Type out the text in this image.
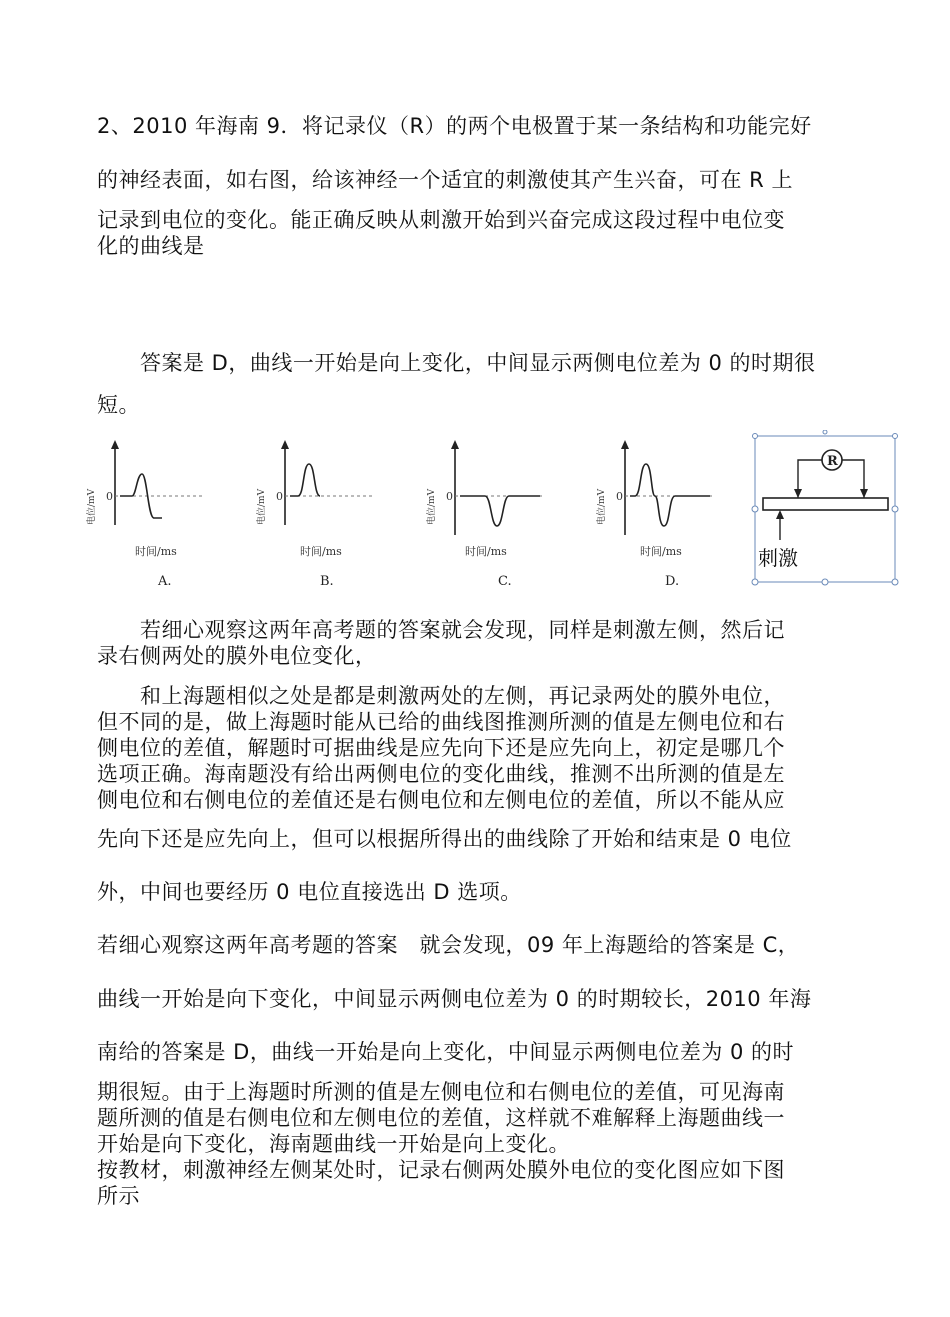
2、2010 年海南 9．将记录仪（R）的两个电极置于某一条结构和功能完好
的神经表面，如右图，给该神经一个适宜的刺激使其产生兴奋，可在 R 上
记录到电位的变化。能正确反映从刺激开始到兴奋完成这段过程中电位变
化的曲线是
　　答案是 D，曲线一开始是向上变化，中间显示两侧电位差为 0 的时期很
短。
0
电位/mV
时间/ms
A.
0
电位/mV
时间/ms
B.
0
电位/mV
时间/ms
C.
0
电位/mV
时间/ms
D.
R
刺激
　　若细心观察这两年高考题的答案就会发现，同样是刺激左侧，然后记
录右侧两处的膜外电位变化，
　　和上海题相似之处是都是刺激两处的左侧，再记录两处的膜外电位，
但不同的是，做上海题时能从已给的曲线图推测所测的值是左侧电位和右
侧电位的差值，解题时可据曲线是应先向下还是应先向上，初定是哪几个
选项正确。海南题没有给出两侧电位的变化曲线，推测不出所测的值是左
侧电位和右侧电位的差值还是右侧电位和左侧电位的差值，所以不能从应
先向下还是应先向上，但可以根据所得出的曲线除了开始和结束是 0 电位
外，中间也要经历 0 电位直接选出 D 选项。
若细心观察这两年高考题的答案　就会发现，09 年上海题给的答案是 C，
曲线一开始是向下变化，中间显示两侧电位差为 0 的时期较长，2010 年海
南给的答案是 D，曲线一开始是向上变化，中间显示两侧电位差为 0 的时
期很短。由于上海题时所测的值是左侧电位和右侧电位的差值，可见海南
题所测的值是右侧电位和左侧电位的差值，这样就不难解释上海题曲线一
开始是向下变化，海南题曲线一开始是向上变化。
按教材，刺激神经左侧某处时，记录右侧两处膜外电位的变化图应如下图
所示
